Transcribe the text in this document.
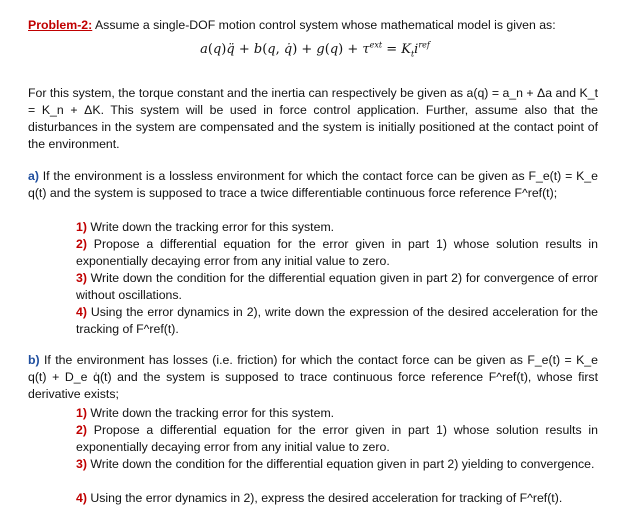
Problem-2: Assume a single-DOF motion control system whose mathematical model is given as:
a(q)q̈ + b(q, q̇) + $g(q) + \tau^{ext} = K_ti^{ref}$
For this system, the torque constant and the inertia can respectively be given as a(q) = a_n + Δa and K_t = K_n + ΔK. This system will be used in force control application. Further, assume also that the disturbances in the system are compensated and the system is initially positioned at the contact point of the environment.
a) If the environment is a lossless environment for which the contact force can be given as F_e(t) = K_e q(t) and the system is supposed to trace a twice differentiable continuous force reference F^ref(t);
1) Write down the tracking error for this system.
2) Propose a differential equation for the error given in part 1) whose solution results in exponentially decaying error from any initial value to zero.
3) Write down the condition for the differential equation given in part 2) for convergence of error without oscillations.
4) Using the error dynamics in 2), write down the expression of the desired acceleration for the tracking of F^ref(t).
b) If the environment has losses (i.e. friction) for which the contact force can be given as F_e(t) = K_e q(t) + D_e q̇(t) and the system is supposed to trace continuous force reference F^ref(t), whose first derivative exists;
1) Write down the tracking error for this system.
2) Propose a differential equation for the error given in part 1) whose solution results in exponentially decaying error from any initial value to zero.
3) Write down the condition for the differential equation given in part 2) yielding to convergence.
4) Using the error dynamics in 2), express the desired acceleration for tracking of F^ref(t).
